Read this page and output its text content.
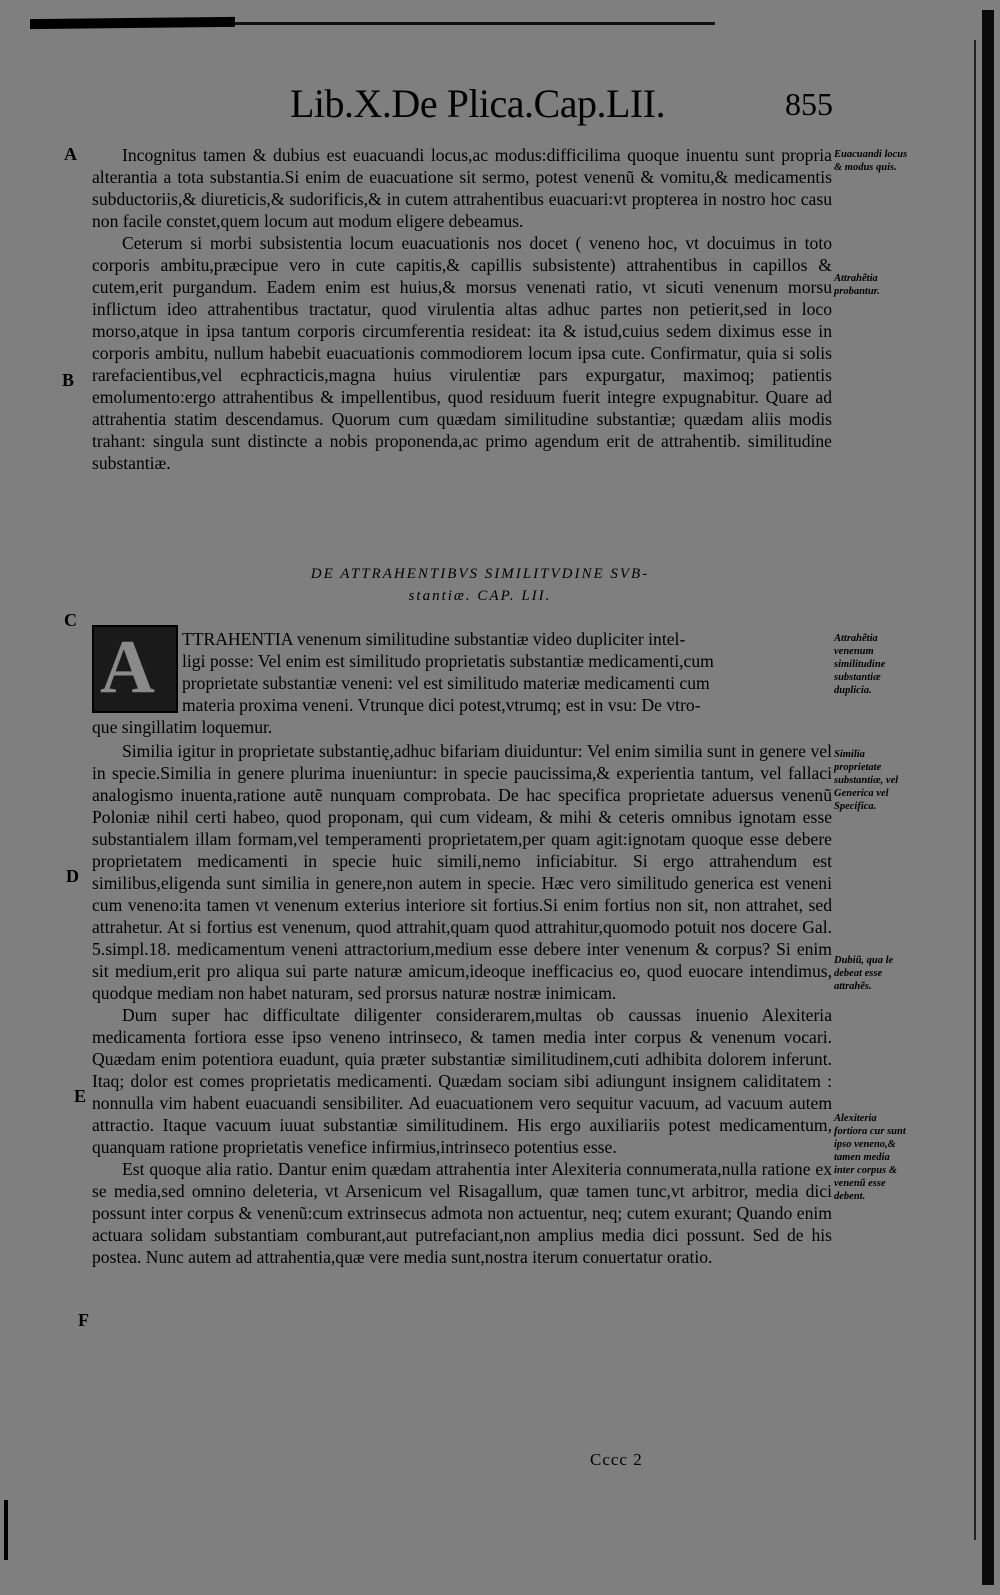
Lib.X.De Plica.Cap.LII.	855
A
B
C
D
E
F

Incognitus tamen & dubius est euacuandi locus,ac modus:difficilima quoque inuentu sunt propria alterantia a tota substantia.Si enim de euacuatione sit sermo, potest venenũ & vomitu,& medicamentis subductoriis,& diureticis,& sudorificis,& in cutem attrahentibus euacuari:vt propterea in nostro hoc casu non facile constet,quem locum aut modum eligere debeamus.

Ceterum si morbi subsistentia locum euacuationis nos docet ( veneno hoc, vt docuimus in toto corporis ambitu,præcipue vero in cute capitis,& capillis subsistente) attrahentibus in capillos & cutem,erit purgandum. Eadem enim est huius,& morsus venenati ratio, vt sicuti venenum morsu inflictum ideo attrahentibus tractatur, quod virulentia altas adhuc partes non petierit,sed in loco morso,atque in ipsa tantum corporis circumferentia resideat: ita & istud,cuius sedem diximus esse in corporis ambitu, nullum habebit euacuationis commodiorem locum ipsa cute. Confirmatur, quia si solis rarefacientibus,vel ecphracticis,magna huius virulentiæ pars expurgatur, maximoq; patientis emolumento:ergo attrahentibus & impellentibus, quod residuum fuerit integre expugnabitur. Quare ad attrahentia statim descendamus. Quorum cum quædam similitudine substantiæ; quædam aliis modis trahant: singula sunt distincte a nobis proponenda,ac primo agendum erit de attrahentib. similitudine substantiæ.

DE ATTRAHENTIBVS SIMILITVDINE SVB-
stantiæ. CAP. LII.
A	TTRAHENTIA venenum similitudine substantiæ video dupliciter intel-
ligi posse: Vel enim est similitudo proprietatis substantiæ medicamenti,cum
proprietate substantiæ veneni: vel est similitudo materiæ medicamenti cum
materia proxima veneni. Vtrunque dici potest,vtrumq; est in vsu: De vtro-
que singillatim loquemur.

Similia igitur in proprietate substantię,adhuc bifariam diuiduntur: Vel enim similia sunt in genere vel in specie.Similia in genere plurima inueniuntur: in specie paucissima,& experientia tantum, vel fallaci analogismo inuenta,ratione autẽ nunquam comprobata. De hac specifica proprietate aduersus venenũ Poloniæ nihil certi habeo, quod proponam, qui cum videam, & mihi & ceteris omnibus ignotam esse substantialem illam formam,vel temperamenti proprietatem,per quam agit:ignotam quoque esse debere proprietatem medicamenti in specie huic simili,nemo inficiabitur. Si ergo attrahendum est similibus,eligenda sunt similia in genere,non autem in specie. Hæc vero similitudo generica est veneni cum veneno:ita tamen vt venenum exterius interiore sit fortius.Si enim fortius non sit, non attrahet, sed attrahetur. At si fortius est venenum, quod attrahit,quam quod attrahitur,quomodo potuit nos docere Gal. 5.simpl.18. medicamentum veneni attractorium,medium esse debere inter venenum & corpus? Si enim sit medium,erit pro aliqua sui parte naturæ amicum,ideoque inefficacius eo, quod euocare intendimus, quodque mediam non habet naturam, sed prorsus naturæ nostræ inimicam.

Dum super hac difficultate diligenter considerarem,multas ob caussas inuenio Alexiteria medicamenta fortiora esse ipso veneno intrinseco, & tamen media inter corpus & venenum vocari. Quædam enim potentiora euadunt, quia præter substantiæ similitudinem,cuti adhibita dolorem inferunt. Itaq; dolor est comes proprietatis medicamenti. Quædam sociam sibi adiungunt insignem caliditatem : nonnulla vim habent euacuandi sensibiliter. Ad euacuationem vero sequitur vacuum, ad vacuum autem attractio. Itaque vacuum iuuat substantiæ similitudinem. His ergo auxiliariis potest medicamentum, quanquam ratione proprietatis venefice infirmius,intrinseco potentius esse.

Est quoque alia ratio. Dantur enim quædam attrahentia inter Alexiteria connumerata,nulla ratione ex se media,sed omnino deleteria, vt Arsenicum vel Risagallum, quæ tamen tunc,vt arbitror, media dici possunt inter corpus & venenũ:cum extrinsecus admota non actuentur, neq; cutem exurant; Quando enim actuara solidam substantiam comburant,aut putrefaciant,non amplius media dici possunt. Sed de his postea. Nunc autem ad attrahentia,quæ vere media sunt,nostra iterum conuertatur oratio.

Euacuandi locus & modus quis.
Attrahẽtia probantur.
Attrahẽtia venenum similitudine substantiæ duplicia.
Similia proprietate substantiæ, vel Generica vel Specifica.
Dubiũ, qua le debeat esse attrahẽs.
Alexiteria fortiora cur sunt ipso veneno,& tamen media inter corpus & venenũ esse debent.
Cccc 2
